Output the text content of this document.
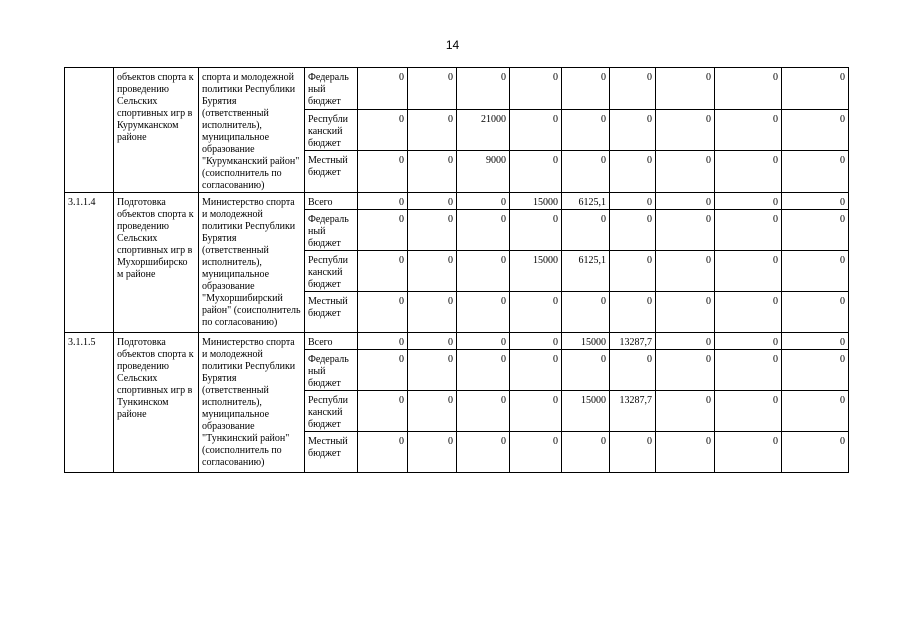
14
	объектов спорта к проведению Сельских спортивных игр в Курумканском районе	спорта и молодежной политики Республики Бурятия (ответственный исполнитель), муниципальное образование "Курумканский район" (соисполнитель по согласованию)	Федераль ный бюджет	0	0	0	0	0	0	0	0	0
			Республи канский бюджет	0	0	21000	0	0	0	0	0	0
			Местный бюджет	0	0	9000	0	0	0	0	0	0
3.1.1.4	Подготовка объектов спорта к проведению Сельских спортивных игр в Мухоршибирско м районе	Министерство спорта и молодежной политики Республики Бурятия (ответственный исполнитель), муниципальное образование "Мухоршибирский район" (соисполнитель по согласованию)	Всего	0	0	0	15000	6125,1	0	0	0	0
			Федераль ный бюджет	0	0	0	0	0	0	0	0	0
			Республи канский бюджет	0	0	0	15000	6125,1	0	0	0	0
			Местный бюджет	0	0	0	0	0	0	0	0	0
3.1.1.5	Подготовка объектов спорта к проведению Сельских спортивных игр в Тункинском районе	Министерство спорта и молодежной политики Республики Бурятия (ответственный исполнитель), муниципальное образование "Тункинский район" (соисполнитель по согласованию)	Всего	0	0	0	0	15000	13287,7	0	0	0
			Федераль ный бюджет	0	0	0	0	0	0	0	0	0
			Республи канский бюджет	0	0	0	0	15000	13287,7	0	0	0
			Местный бюджет	0	0	0	0	0	0	0	0	0
